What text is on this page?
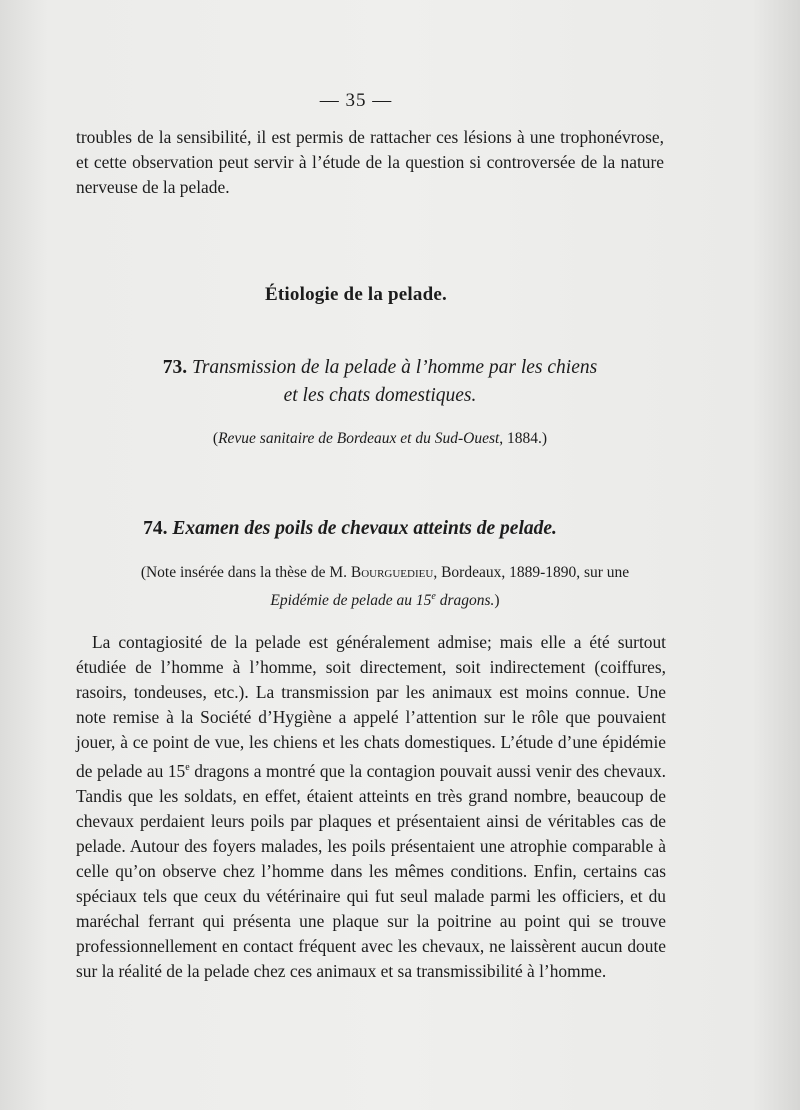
— 35 —

troubles de la sensibilité, il est permis de rattacher ces lésions à une trophonévrose, et cette observation peut servir à l’étude de la question si controversée de la nature nerveuse de la pelade.

Étiologie de la pelade.
73. Transmission de la pelade à l’homme par les chiens
et les chats domestiques.
(Revue sanitaire de Bordeaux et du Sud-Ouest, 1884.)
74. Examen des poils de chevaux atteints de pelade.
(Note insérée dans la thèse de M. Bourguedieu, Bordeaux, 1889-1890, sur une
Epidémie de pelade au 15e dragons.)

La contagiosité de la pelade est généralement admise; mais elle a été surtout étudiée de l’homme à l’homme, soit directement, soit indirectement (coiffures, rasoirs, tondeuses, etc.). La transmission par les animaux est moins connue. Une note remise à la Société d’Hygiène a appelé l’attention sur le rôle que pouvaient jouer, à ce point de vue, les chiens et les chats domestiques. L’étude d’une épidémie de pelade au 15e dragons a montré que la contagion pouvait aussi venir des chevaux. Tandis que les soldats, en effet, étaient atteints en très grand nombre, beaucoup de chevaux perdaient leurs poils par plaques et présentaient ainsi de véritables cas de pelade. Autour des foyers malades, les poils présentaient une atrophie comparable à celle qu’on observe chez l’homme dans les mêmes conditions. Enfin, certains cas spéciaux tels que ceux du vétérinaire qui fut seul malade parmi les officiers, et du maréchal ferrant qui présenta une plaque sur la poitrine au point qui se trouve professionnellement en contact fréquent avec les chevaux, ne laissèrent aucun doute sur la réalité de la pelade chez ces animaux et sa transmissibilité à l’homme.
